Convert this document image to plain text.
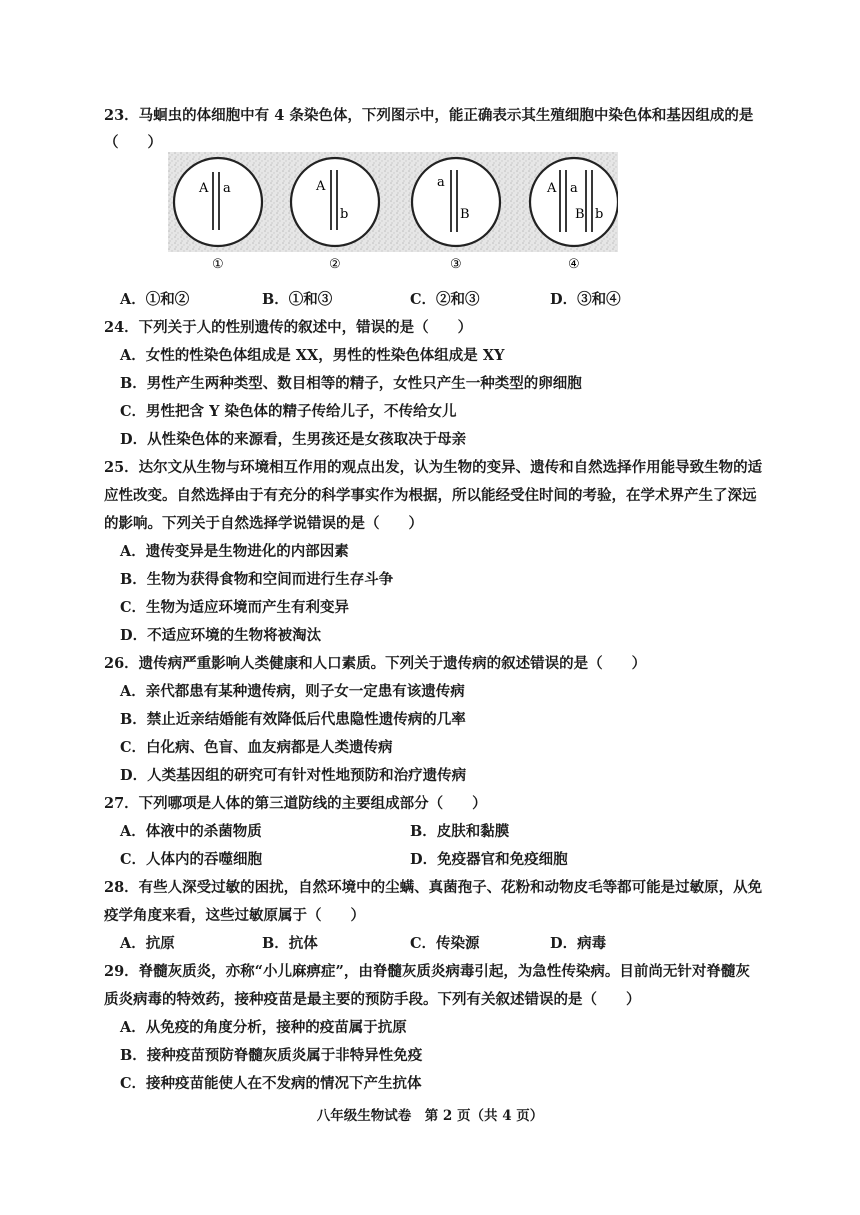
23．马蛔虫的体细胞中有 4 条染色体，下列图示中，能正确表示其生殖细胞中染色体和基因组成的是
（　　）
A a
①
A
b
②
a
B
③
A a
B b
④
A．①和②	B．①和③	C．②和③	D．③和④
24．下列关于人的性别遗传的叙述中，错误的是（　　）
A．女性的性染色体组成是 XX，男性的性染色体组成是 XY
B．男性产生两种类型、数目相等的精子，女性只产生一种类型的卵细胞
C．男性把含 Y 染色体的精子传给儿子，不传给女儿
D．从性染色体的来源看，生男孩还是女孩取决于母亲
25．达尔文从生物与环境相互作用的观点出发，认为生物的变异、遗传和自然选择作用能导致生物的适应性改变。自然选择由于有充分的科学事实作为根据，所以能经受住时间的考验，在学术界产生了深远的影响。下列关于自然选择学说错误的是（　　）
A．遗传变异是生物进化的内部因素
B．生物为获得食物和空间而进行生存斗争
C．生物为适应环境而产生有利变异
D．不适应环境的生物将被淘汰
26．遗传病严重影响人类健康和人口素质。下列关于遗传病的叙述错误的是（　　）
A．亲代都患有某种遗传病，则子女一定患有该遗传病
B．禁止近亲结婚能有效降低后代患隐性遗传病的几率
C．白化病、色盲、血友病都是人类遗传病
D．人类基因组的研究可有针对性地预防和治疗遗传病
27．下列哪项是人体的第三道防线的主要组成部分（　　）
A．体液中的杀菌物质	B．皮肤和黏膜
C．人体内的吞噬细胞	D．免疫器官和免疫细胞
28．有些人深受过敏的困扰，自然环境中的尘螨、真菌孢子、花粉和动物皮毛等都可能是过敏原，从免疫学角度来看，这些过敏原属于（　　）
A．抗原	B．抗体	C．传染源	D．病毒
29．脊髓灰质炎，亦称“小儿麻痹症”，由脊髓灰质炎病毒引起，为急性传染病。目前尚无针对脊髓灰质炎病毒的特效药，接种疫苗是最主要的预防手段。下列有关叙述错误的是（　　）
A．从免疫的角度分析，接种的疫苗属于抗原
B．接种疫苗预防脊髓灰质炎属于非特异性免疫
C．接种疫苗能使人在不发病的情况下产生抗体
八年级生物试卷　第 2 页（共 4 页）
